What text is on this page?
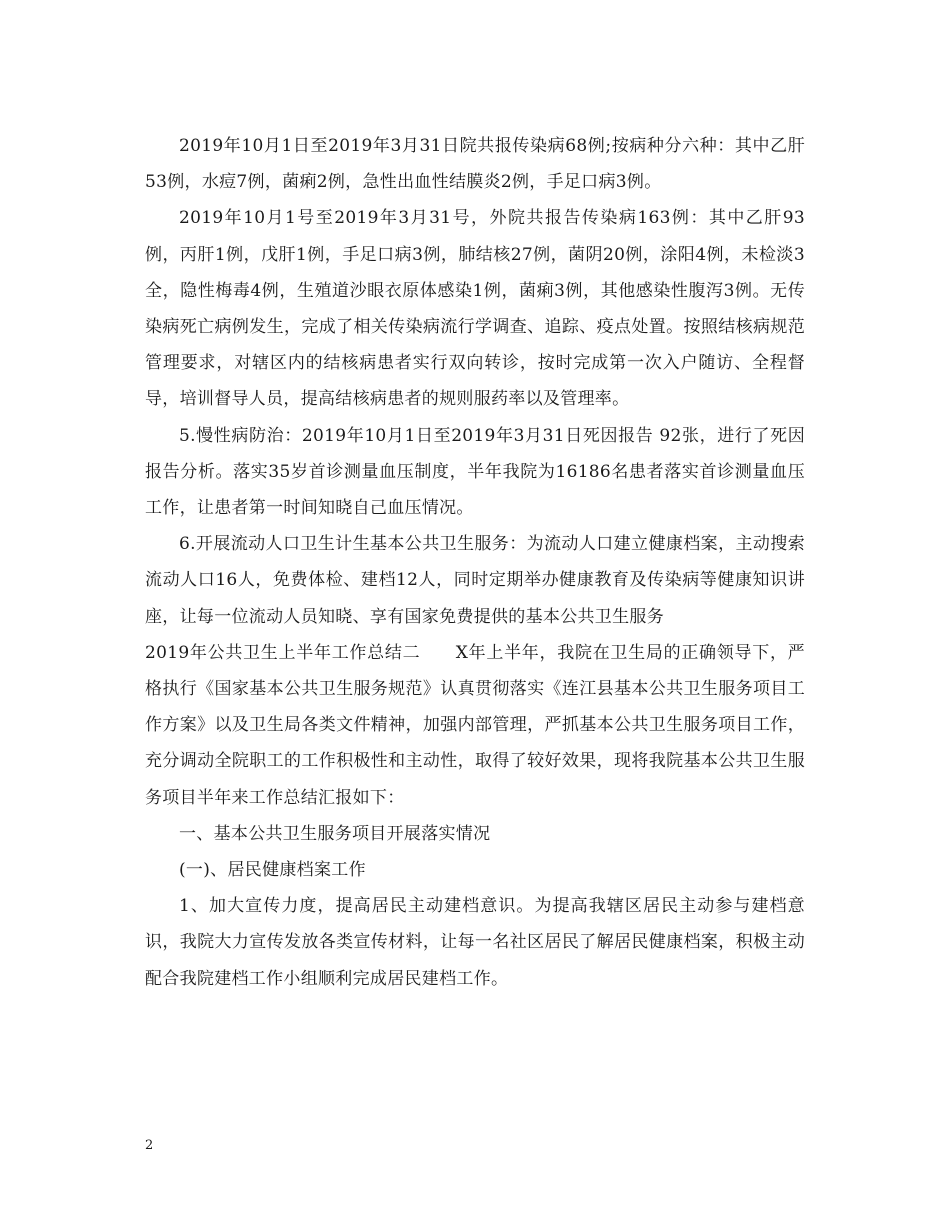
2019年10月1日至2019年3月31日院共报传染病68例;按病种分六种：其中乙肝53例，水痘7例，菌痢2例，急性出血性结膜炎2例，手足口病3例。

2019年10月1号至2019年3月31号，外院共报告传染病163例：其中乙肝93例，丙肝1例，戊肝1例，手足口病3例，肺结核27例，菌阴20例，涂阳4例，未检淡3全，隐性梅毒4例，生殖道沙眼衣原体感染1例，菌痢3例，其他感染性腹泻3例。无传染病死亡病例发生，完成了相关传染病流行学调查、追踪、疫点处置。按照结核病规范管理要求，对辖区内的结核病患者实行双向转诊，按时完成第一次入户随访、全程督导，培训督导人员，提高结核病患者的规则服药率以及管理率。

5.慢性病防治：2019年10月1日至2019年3月31日死因报告 92张，进行了死因报告分析。落实35岁首诊测量血压制度，半年我院为16186名患者落实首诊测量血压工作，让患者第一时间知晓自己血压情况。

6.开展流动人口卫生计生基本公共卫生服务：为流动人口建立健康档案，主动搜索流动人口16人，免费体检、建档12人，同时定期举办健康教育及传染病等健康知识讲座，让每一位流动人员知晓、享有国家免费提供的基本公共卫生服务

2019年公共卫生上半年工作总结二　　X年上半年，我院在卫生局的正确领导下，严格执行《国家基本公共卫生服务规范》认真贯彻落实《连江县基本公共卫生服务项目工作方案》以及卫生局各类文件精神，加强内部管理，严抓基本公共卫生服务项目工作，充分调动全院职工的工作积极性和主动性，取得了较好效果，现将我院基本公共卫生服务项目半年来工作总结汇报如下：

一、基本公共卫生服务项目开展落实情况

(一)、居民健康档案工作

1、加大宣传力度，提高居民主动建档意识。为提高我辖区居民主动参与建档意识，我院大力宣传发放各类宣传材料，让每一名社区居民了解居民健康档案，积极主动配合我院建档工作小组顺利完成居民建档工作。

2
